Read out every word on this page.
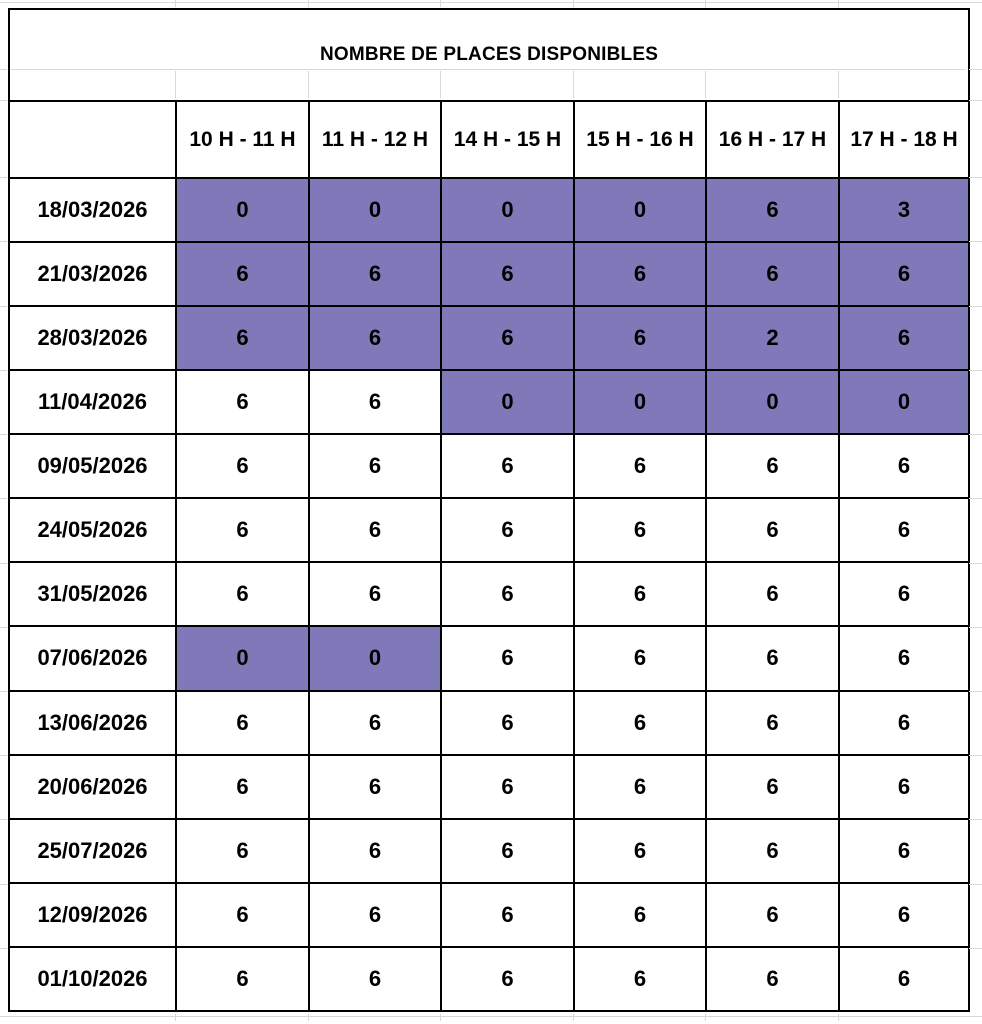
NOMBRE DE PLACES DISPONIBLES						
	10 H - 11 H	11 H - 12 H	14 H - 15 H	15 H - 16 H	16 H - 17 H	17 H - 18 H
18/03/2026	0	0	0	0	6	3
21/03/2026	6	6	6	6	6	6
28/03/2026	6	6	6	6	2	6
11/04/2026	6	6	0	0	0	0
09/05/2026	6	6	6	6	6	6
24/05/2026	6	6	6	6	6	6
31/05/2026	6	6	6	6	6	6
07/06/2026	0	0	6	6	6	6
13/06/2026	6	6	6	6	6	6
20/06/2026	6	6	6	6	6	6
25/07/2026	6	6	6	6	6	6
12/09/2026	6	6	6	6	6	6
01/10/2026	6	6	6	6	6	6
